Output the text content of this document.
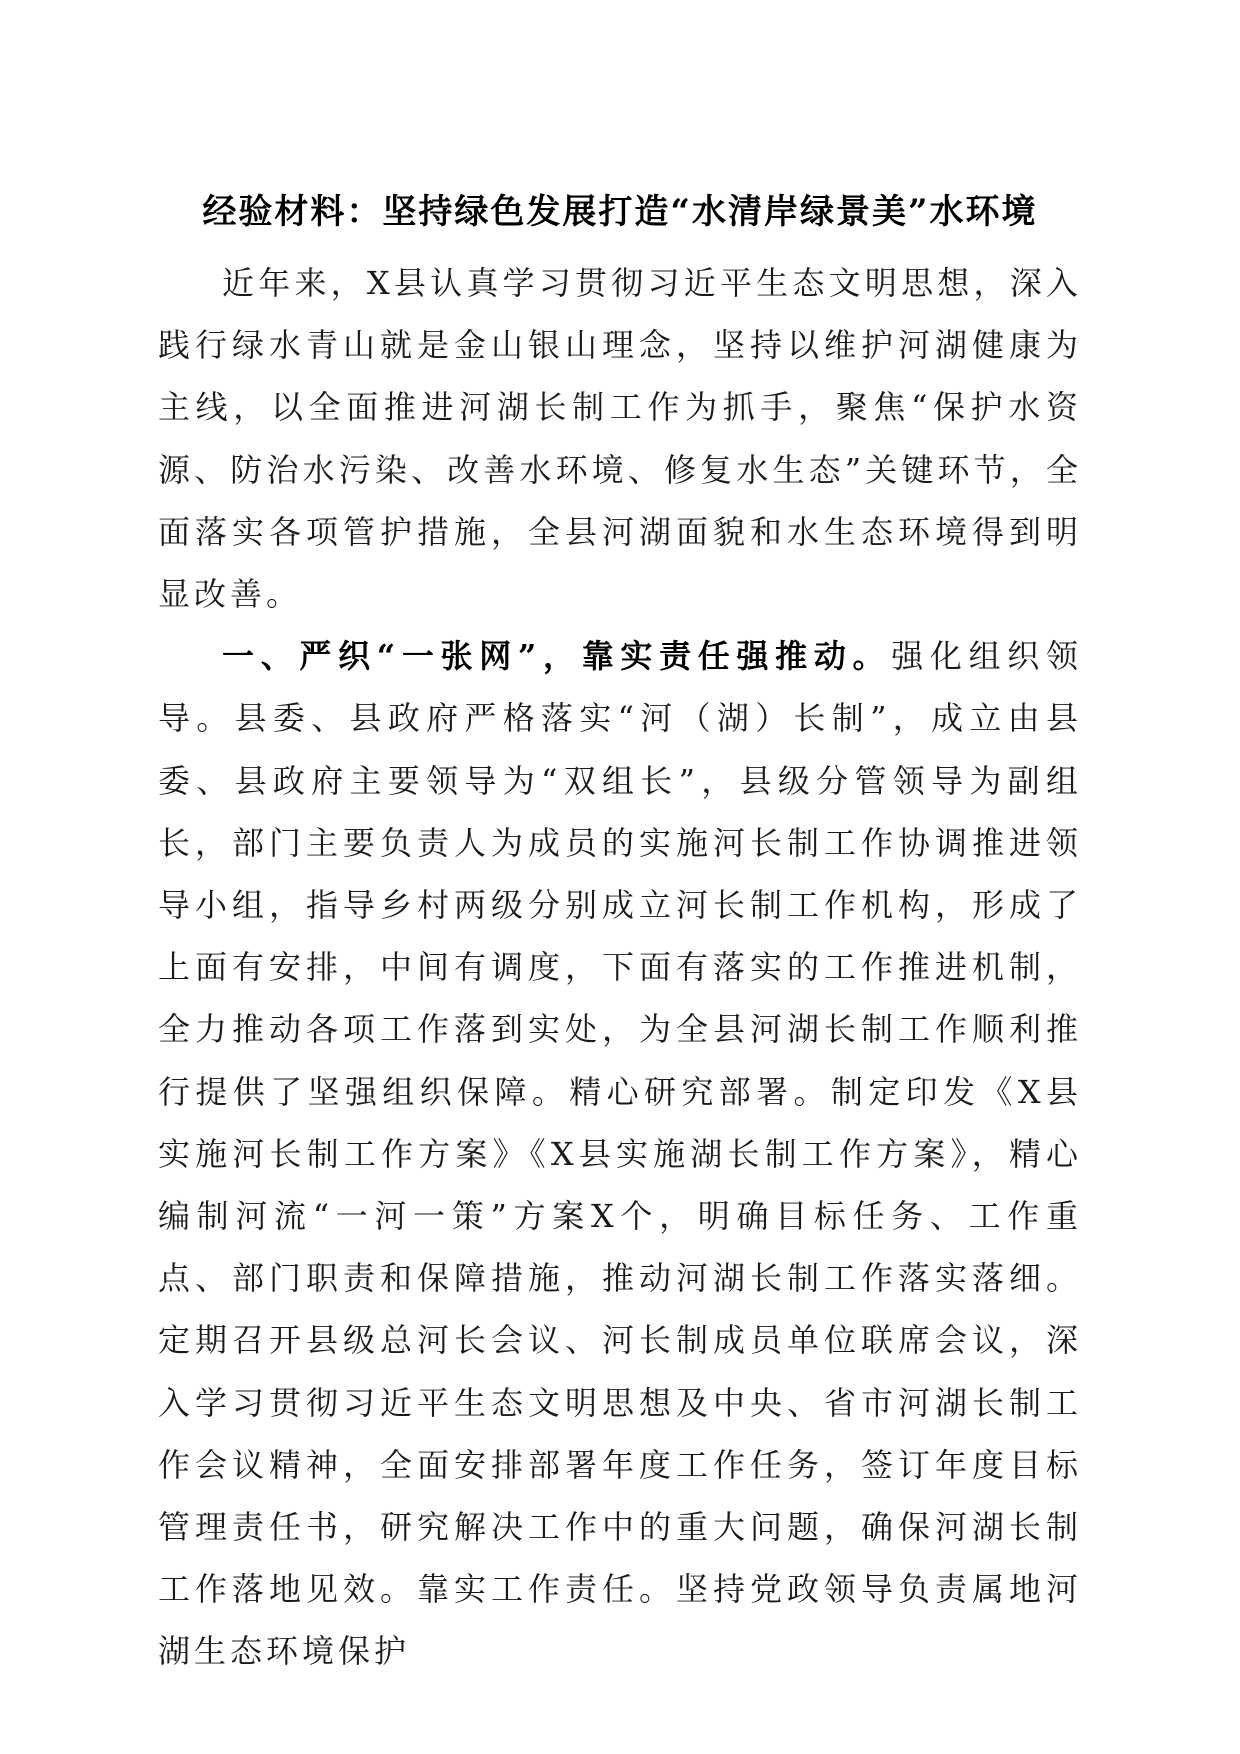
经验材料：坚持绿色发展打造“水清岸绿景美”水环境

近年来，X县认真学习贯彻习近平生态文明思想，深入践行绿水青山就是金山银山理念，坚持以维护河湖健康为主线，以全面推进河湖长制工作为抓手，聚焦“保护水资源、防治水污染、改善水环境、修复水生态”关键环节，全面落实各项管护措施，全县河湖面貌和水生态环境得到明显改善。

一、严织“一张网”，靠实责任强推动。强化组织领导。县委、县政府严格落实“河（湖）长制”，成立由县委、县政府主要领导为“双组长”，县级分管领导为副组长，部门主要负责人为成员的实施河长制工作协调推进领导小组，指导乡村两级分别成立河长制工作机构，形成了上面有安排，中间有调度，下面有落实的工作推进机制，全力推动各项工作落到实处，为全县河湖长制工作顺利推行提供了坚强组织保障。精心研究部署。制定印发《X县实施河长制工作方案》《X县实施湖长制工作方案》，精心编制河流“一河一策”方案X个，明确目标任务、工作重点、部门职责和保障措施，推动河湖长制工作落实落细。定期召开县级总河长会议、河长制成员单位联席会议，深入学习贯彻习近平生态文明思想及中央、省市河湖长制工作会议精神，全面安排部署年度工作任务，签订年度目标管理责任书，研究解决工作中的重大问题，确保河湖长制工作落地见效。靠实工作责任。坚持党政领导负责属地河湖生态环境保护
